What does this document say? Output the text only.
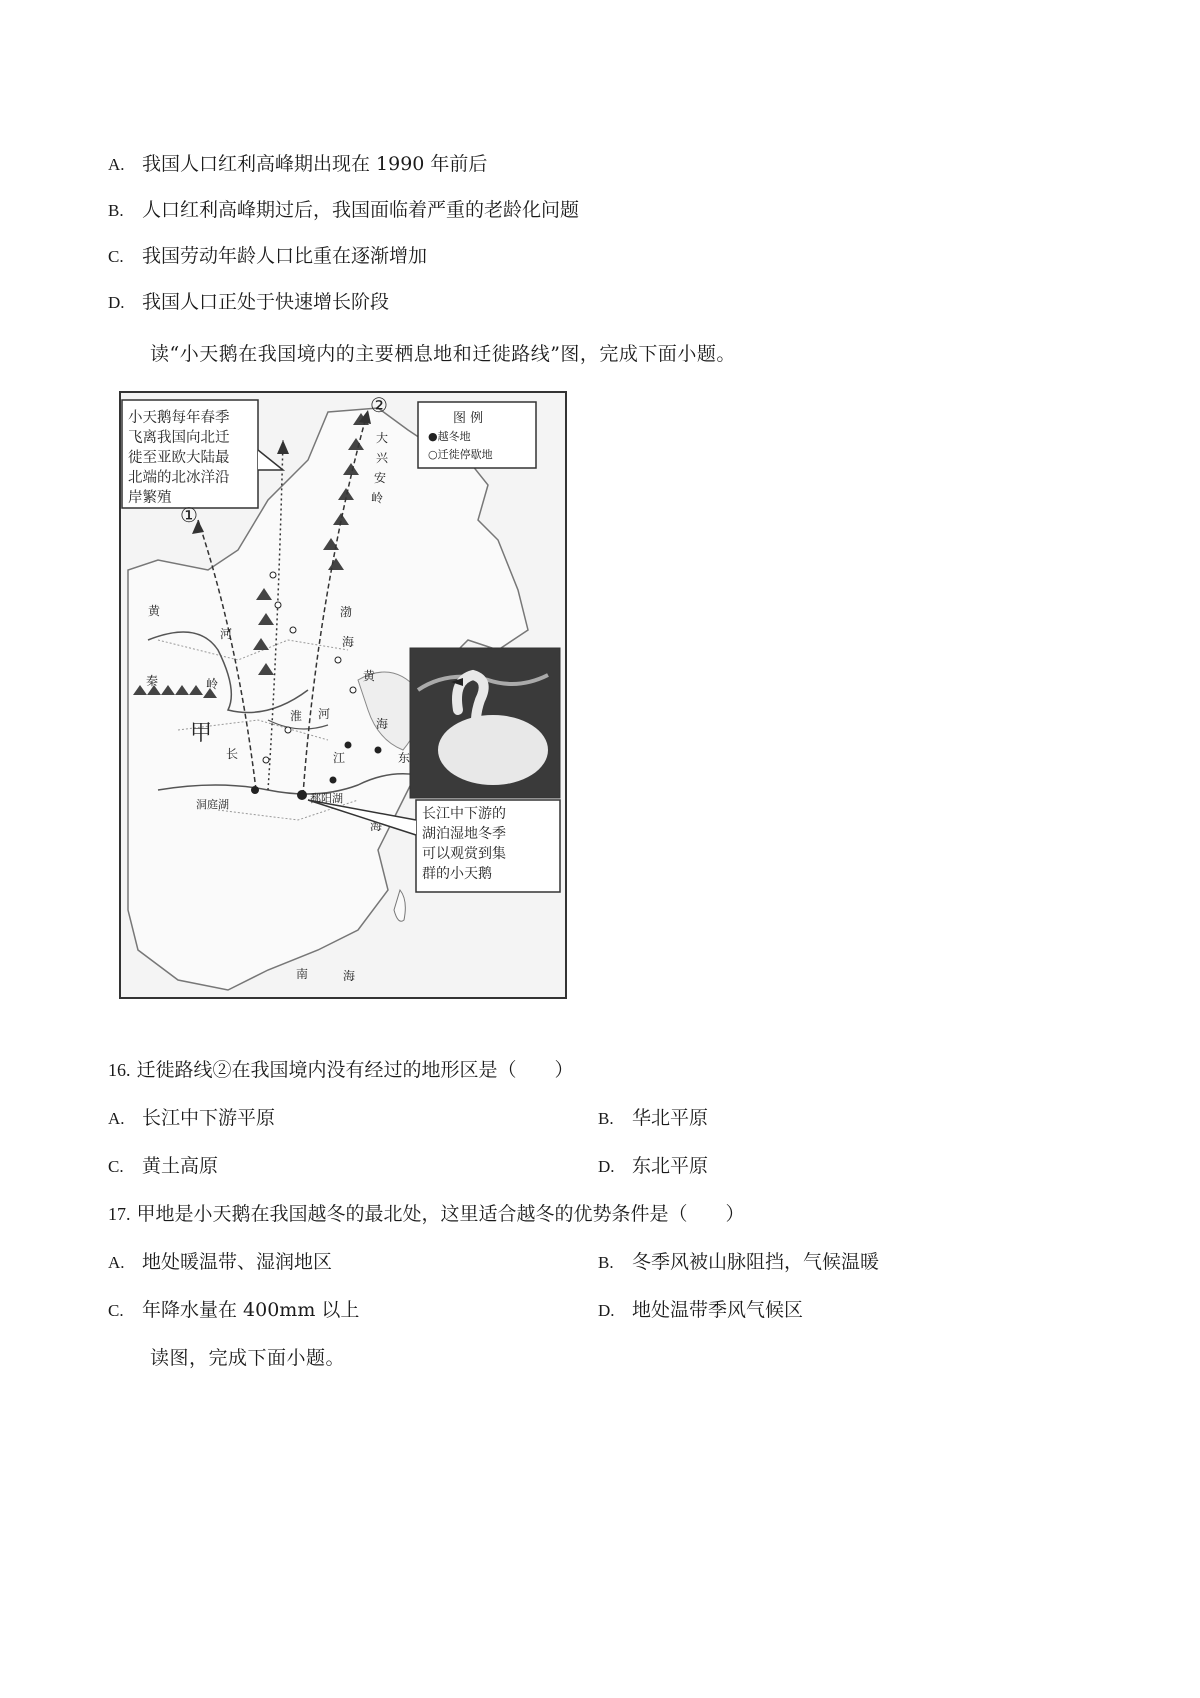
A. 我国人口红利高峰期出现在 1990 年前后
B. 人口红利高峰期过后，我国面临着严重的老龄化问题
C. 我国劳动年龄人口比重在逐渐增加
D. 我国人口正处于快速增长阶段
读“小天鹅在我国境内的主要栖息地和迁徙路线”图，完成下面小题。
图 例
●越冬地
○迁徙停歇地
小天鹅每年春季
飞离我国向北迁
徙至亚欧大陆最
北端的北冰洋沿
岸繁殖
①
②
大
兴
安
岭
秦	岭
黄
河
淮 河
长	江
渤
海
黄
海
东
海
南	海
甲
洞庭湖	鄱阳湖
长江中下游的
湖泊湿地冬季
可以观赏到集
群的小天鹅
16. 迁徙路线②在我国境内没有经过的地形区是（　　）
A. 长江中下游平原	B. 华北平原
C. 黄土高原	D. 东北平原
17. 甲地是小天鹅在我国越冬的最北处，这里适合越冬的优势条件是（　　）
A. 地处暖温带、湿润地区	B. 冬季风被山脉阻挡，气候温暖
C. 年降水量在 400mm 以上	D. 地处温带季风气候区
读图，完成下面小题。
